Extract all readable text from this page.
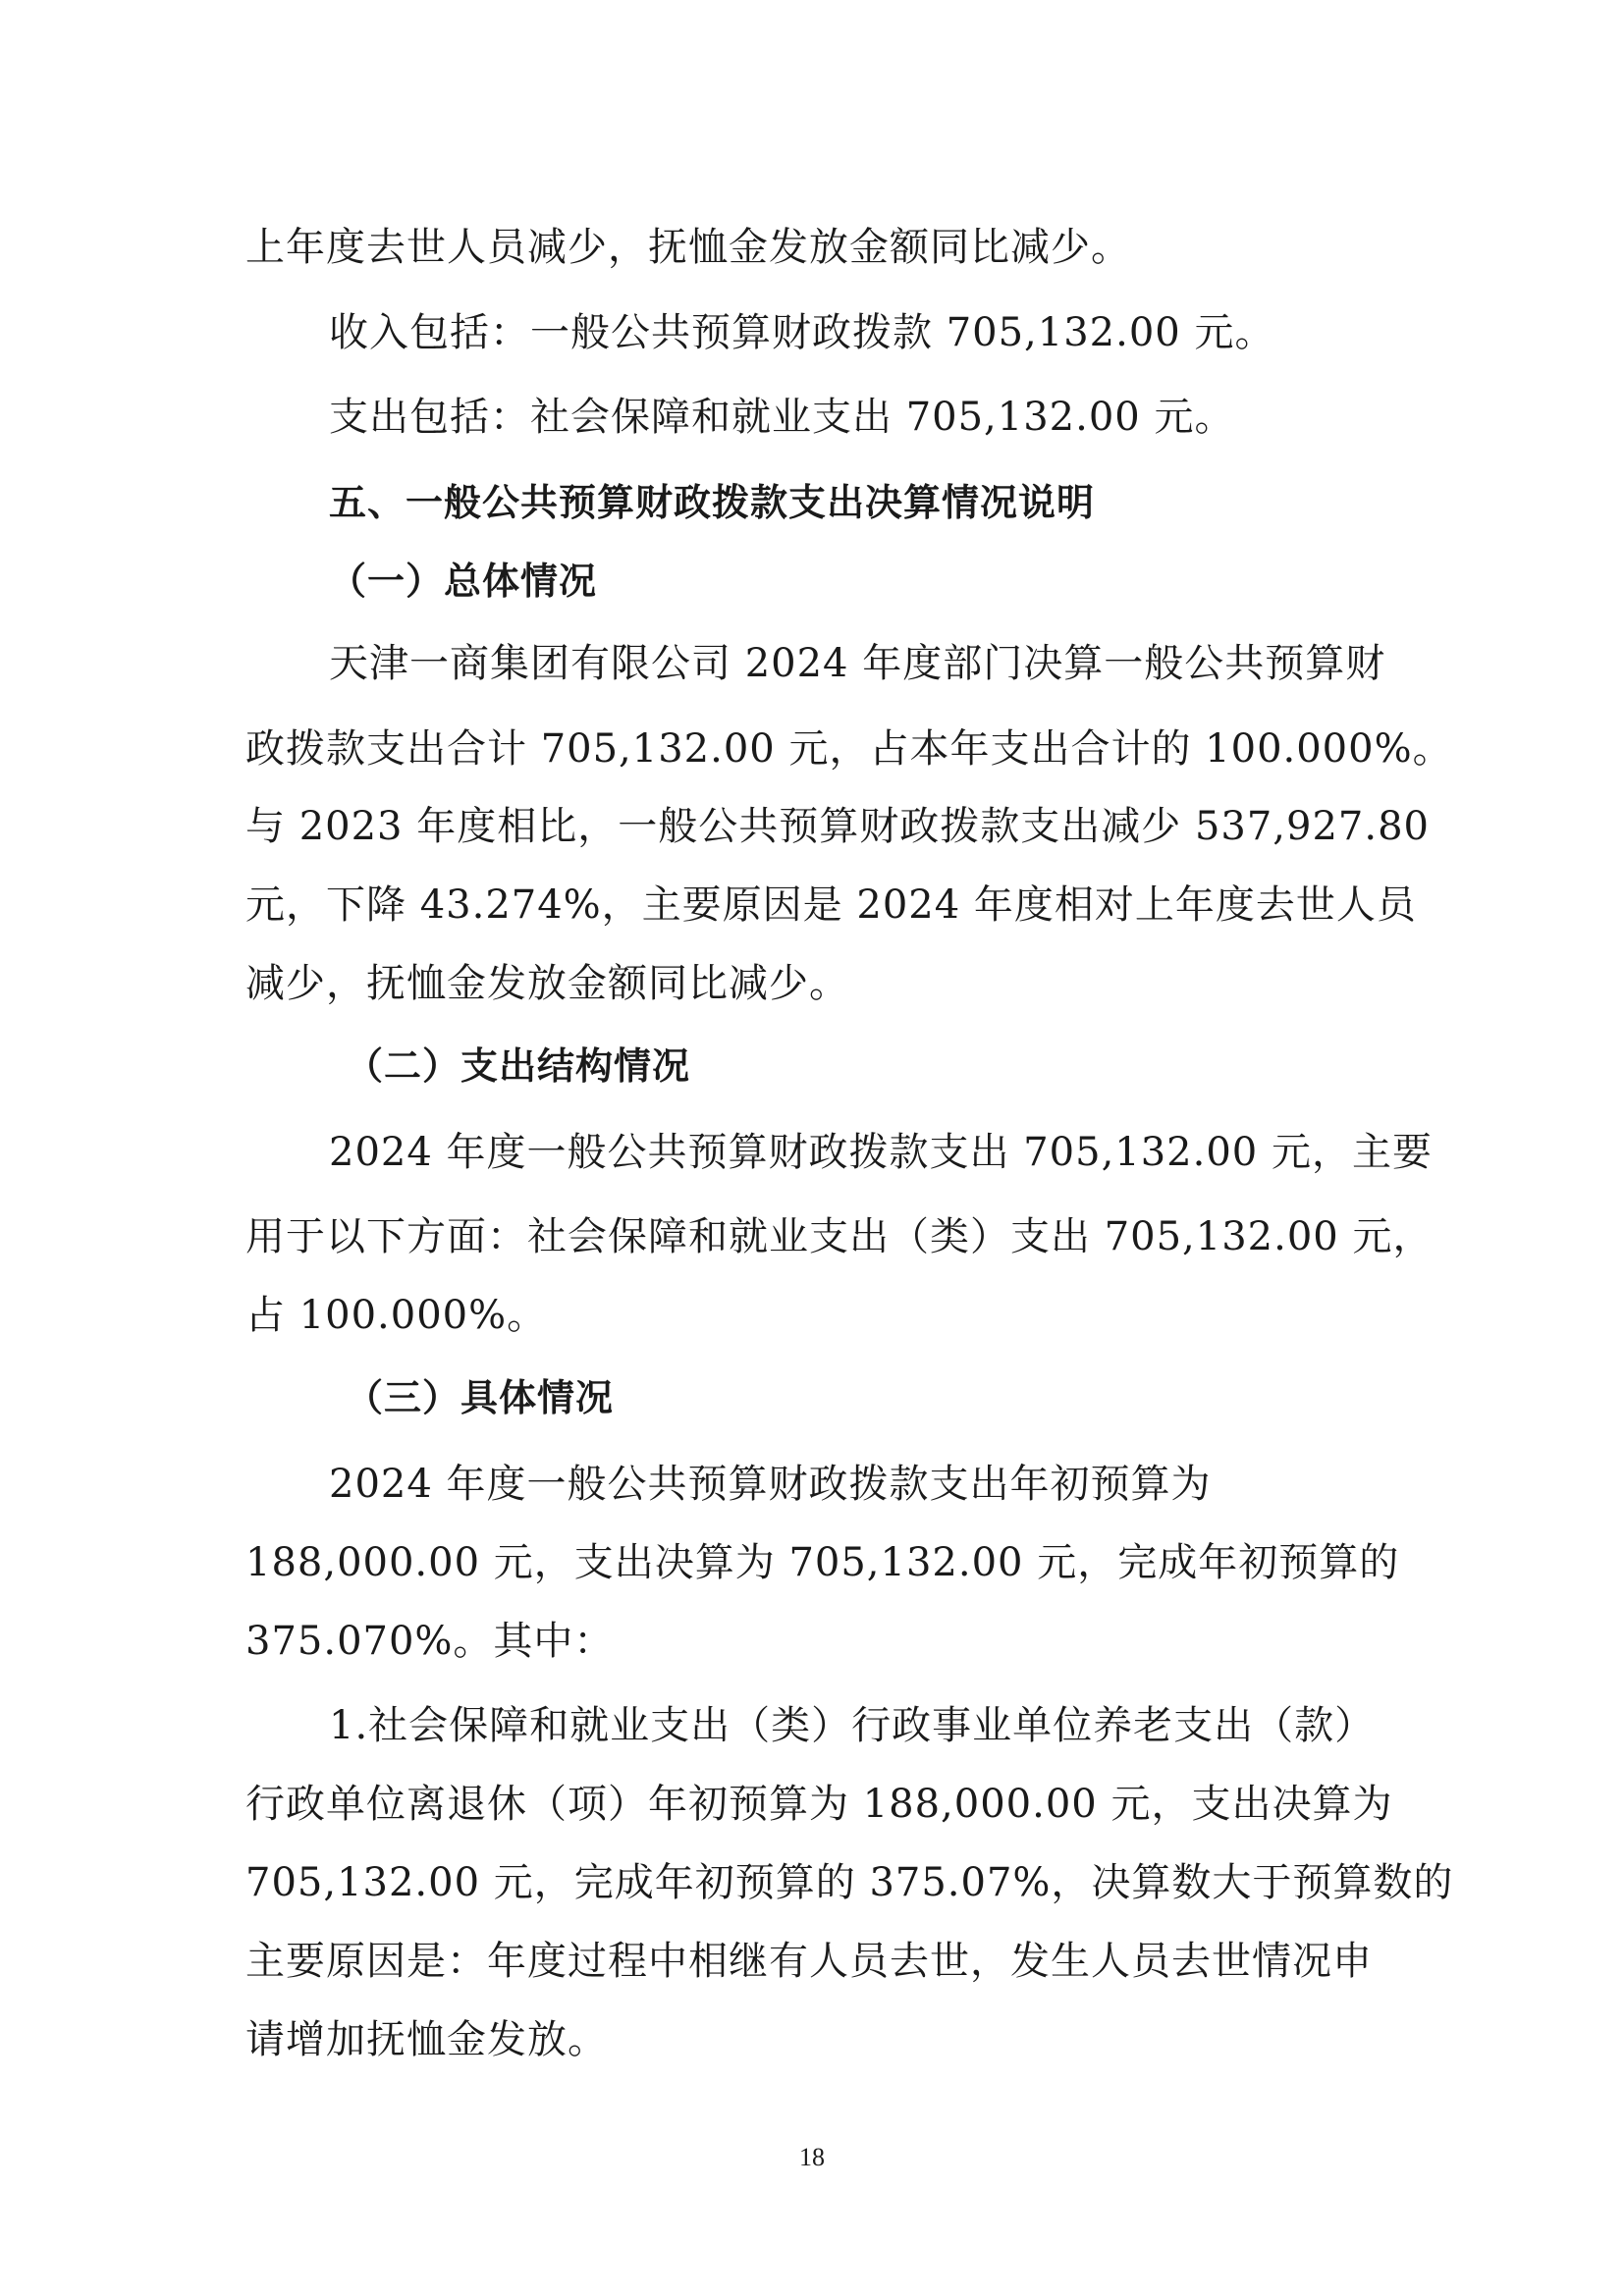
上年度去世人员减少，抚恤金发放金额同比减少。

收入包括：一般公共预算财政拨款 705,132.00 元。

支出包括：社会保障和就业支出 705,132.00 元。

五、一般公共预算财政拨款支出决算情况说明

（一）总体情况

天津一商集团有限公司 2024 年度部门决算一般公共预算财

政拨款支出合计 705,132.00 元，占本年支出合计的 100.000%。

与 2023 年度相比，一般公共预算财政拨款支出减少 537,927.80

元，下降 43.274%，主要原因是 2024 年度相对上年度去世人员

减少，抚恤金发放金额同比减少。

（二）支出结构情况

2024 年度一般公共预算财政拨款支出 705,132.00 元，主要

用于以下方面：社会保障和就业支出（类）支出 705,132.00 元，

占 100.000%。

（三）具体情况

2024 年度一般公共预算财政拨款支出年初预算为

188,000.00 元，支出决算为 705,132.00 元，完成年初预算的

375.070%。其中：

1.社会保障和就业支出（类）行政事业单位养老支出（款）

行政单位离退休（项）年初预算为 188,000.00 元，支出决算为

705,132.00 元，完成年初预算的 375.07%，决算数大于预算数的

主要原因是：年度过程中相继有人员去世，发生人员去世情况申

请增加抚恤金发放。

18
